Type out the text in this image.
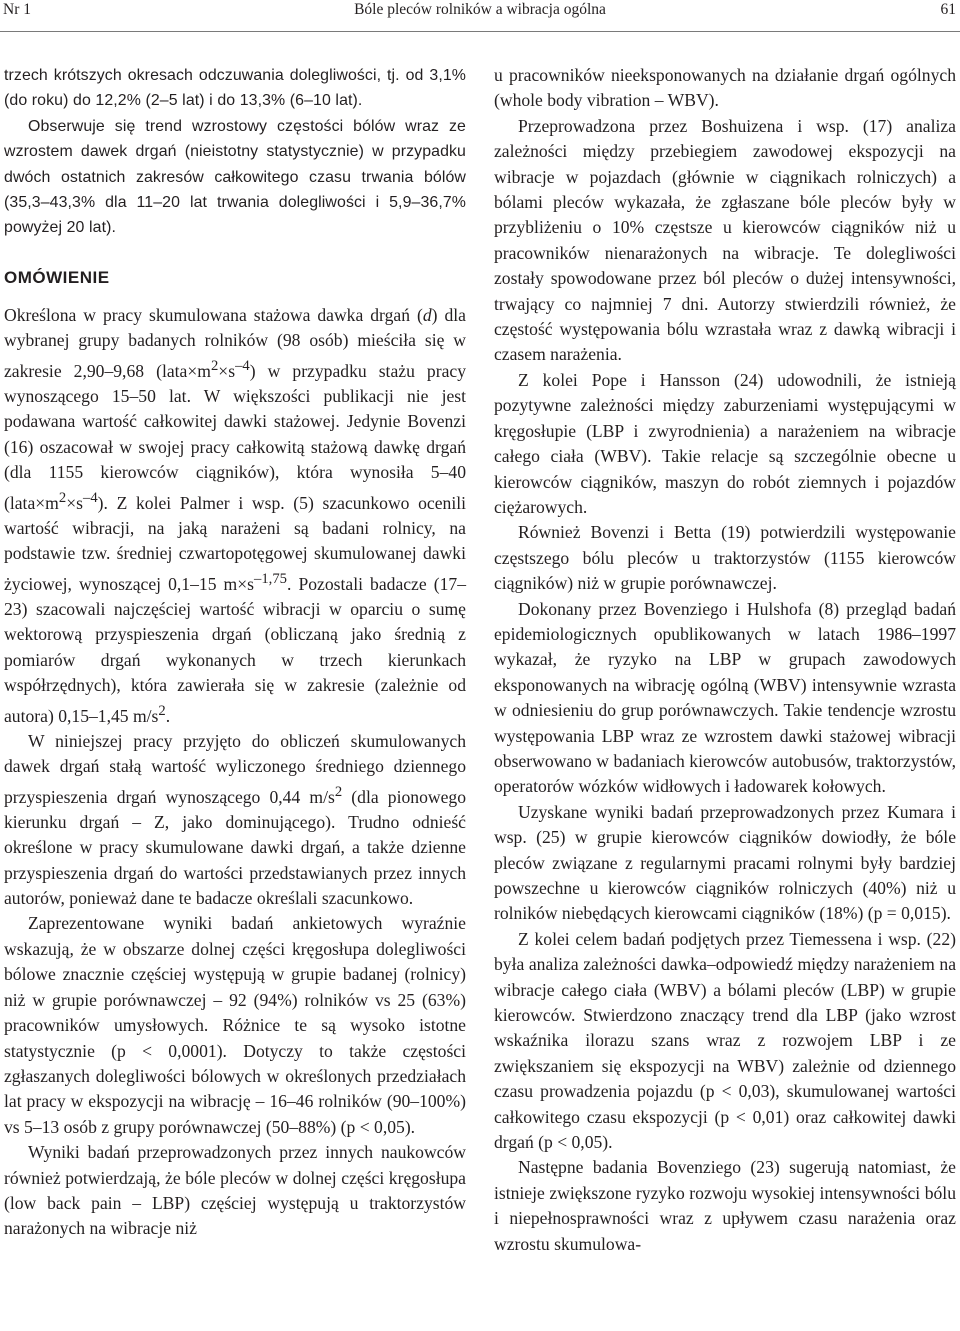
Nr 1	Bóle pleców rolników a wibracja ogólna	61

trzech krótszych okresach odczuwania dolegliwości, tj. od 3,1% (do roku) do 12,2% (2‒5 lat) i do 13,3% (6‒10 lat).

Obserwuje się trend wzrostowy częstości bólów wraz ze wzrostem dawek drgań (nieistotny statystycznie) w przypadku dwóch ostatnich zakresów całkowitego czasu trwania bólów (35,3‒43,3% dla 11‒20 lat trwania dolegliwości i 5,9‒36,7% powyżej 20 lat).

OMÓWIENIE

Określona w pracy skumulowana stażowa dawka drgań (d) dla wybranej grupy badanych rolników (98 osób) mieściła się w zakresie 2,90‒9,68 $(lata\times m^2\times s^{-4})$ w przypadku stażu pracy wynoszącego 15‒50 lat. W większości publikacji nie jest podawana wartość całkowitej dawki stażowej. Jedynie Bovenzi (16) oszacował w swojej pracy całkowitą stażową dawkę drgań (dla 1155 kierowców ciągników), która wynosiła 5‒40 $(lata\times m^2\times s^{-4})$. Z kolei Palmer i wsp. (5) szacunkowo ocenili wartość wibracji, na jaką narażeni są badani rolnicy, na podstawie tzw. średniej czwartopotęgowej skumulowanej dawki życiowej, wynoszącej 0,1‒15 $m\times s^{-1,75}$. Pozostali badacze (17‒23) szacowali najczęściej wartość wibracji w oparciu o sumę wektorową przyspieszenia drgań (obliczaną jako średnią z pomiarów drgań wykonanych w trzech kierunkach współrzędnych), która zawierała się w zakresie (zależnie od autora) 0,15‒1,45 $m/s^2$.

W niniejszej pracy przyjęto do obliczeń skumulowanych dawek drgań stałą wartość wyliczonego średniego dziennego przyspieszenia drgań wynoszącego 0,44 $m/s^2$ (dla pionowego kierunku drgań – Z, jako dominującego). Trudno odnieść określone w pracy skumulowane dawki drgań, a także dzienne przyspieszenia drgań do wartości przedstawianych przez innych autorów, ponieważ dane te badacze określali szacunkowo.

Zaprezentowane wyniki badań ankietowych wyraźnie wskazują, że w obszarze dolnej części kręgosłupa dolegliwości bólowe znacznie częściej występują w grupie badanej (rolnicy) niż w grupie porównawczej – 92 (94%) rolników vs 25 (63%) pracowników umysłowych. Różnice te są wysoko istotne statystycznie (p < 0,0001). Dotyczy to także częstości zgłaszanych dolegliwości bólowych w określonych przedziałach lat pracy w ekspozycji na wibrację – 16‒46 rolników (90‒100%) vs 5‒13 osób z grupy porównawczej (50‒88%) (p < 0,05).

Wyniki badań przeprowadzonych przez innych naukowców również potwierdzają, że bóle pleców w dolnej części kręgosłupa (low back pain – LBP) częściej występują u traktorzystów narażonych na wibracje niż

u pracowników nieeksponowanych na działanie drgań ogólnych (whole body vibration – WBV).

Przeprowadzona przez Boshuizena i wsp. (17) analiza zależności między przebiegiem zawodowej ekspozycji na wibracje w pojazdach (głównie w ciągnikach rolniczych) a bólami pleców wykazała, że zgłaszane bóle pleców były w przybliżeniu o 10% częstsze u kierowców ciągników niż u pracowników nienarażonych na wibracje. Te dolegliwości zostały spowodowane przez ból pleców o dużej intensywności, trwający co najmniej 7 dni. Autorzy stwierdzili również, że częstość występowania bólu wzrastała wraz z dawką wibracji i czasem narażenia.

Z kolei Pope i Hansson (24) udowodnili, że istnieją pozytywne zależności między zaburzeniami występującymi w kręgosłupie (LBP i zwyrodnienia) a narażeniem na wibracje całego ciała (WBV). Takie relacje są szczególnie obecne u kierowców ciągników, maszyn do robót ziemnych i pojazdów ciężarowych.

Również Bovenzi i Betta (19) potwierdzili występowanie częstszego bólu pleców u traktorzystów (1155 kierowców ciągników) niż w grupie porównawczej.

Dokonany przez Bovenziego i Hulshofa (8) przegląd badań epidemiologicznych opublikowanych w latach 1986‒1997 wykazał, że ryzyko na LBP w grupach zawodowych eksponowanych na wibrację ogólną (WBV) intensywnie wzrasta w odniesieniu do grup porównawczych. Takie tendencje wzrostu występowania LBP wraz ze wzrostem dawki stażowej wibracji obserwowano w badaniach kierowców autobusów, traktorzystów, operatorów wózków widłowych i ładowarek kołowych.

Uzyskane wyniki badań przeprowadzonych przez Kumara i wsp. (25) w grupie kierowców ciągników dowiodły, że bóle pleców związane z regularnymi pracami rolnymi były bardziej powszechne u kierowców ciągników rolniczych (40%) niż u rolników niebędących kierowcami ciągników (18%) (p = 0,015).

Z kolei celem badań podjętych przez Tiemessena i wsp. (22) była analiza zależności dawka–odpowiedź między narażeniem na wibracje całego ciała (WBV) a bólami pleców (LBP) w grupie kierowców. Stwierdzono znaczący trend dla LBP (jako wzrost wskaźnika ilorazu szans wraz z rozwojem LBP i ze zwiększaniem się ekspozycji na WBV) zależnie od dziennego czasu prowadzenia pojazdu (p < 0,03), skumulowanej wartości całkowitego czasu ekspozycji (p < 0,01) oraz całkowitej dawki drgań (p < 0,05).

Następne badania Bovenziego (23) sugerują natomiast, że istnieje zwiększone ryzyko rozwoju wysokiej intensywności bólu i niepełnosprawności wraz z upływem czasu narażenia oraz wzrostu skumulowa-
